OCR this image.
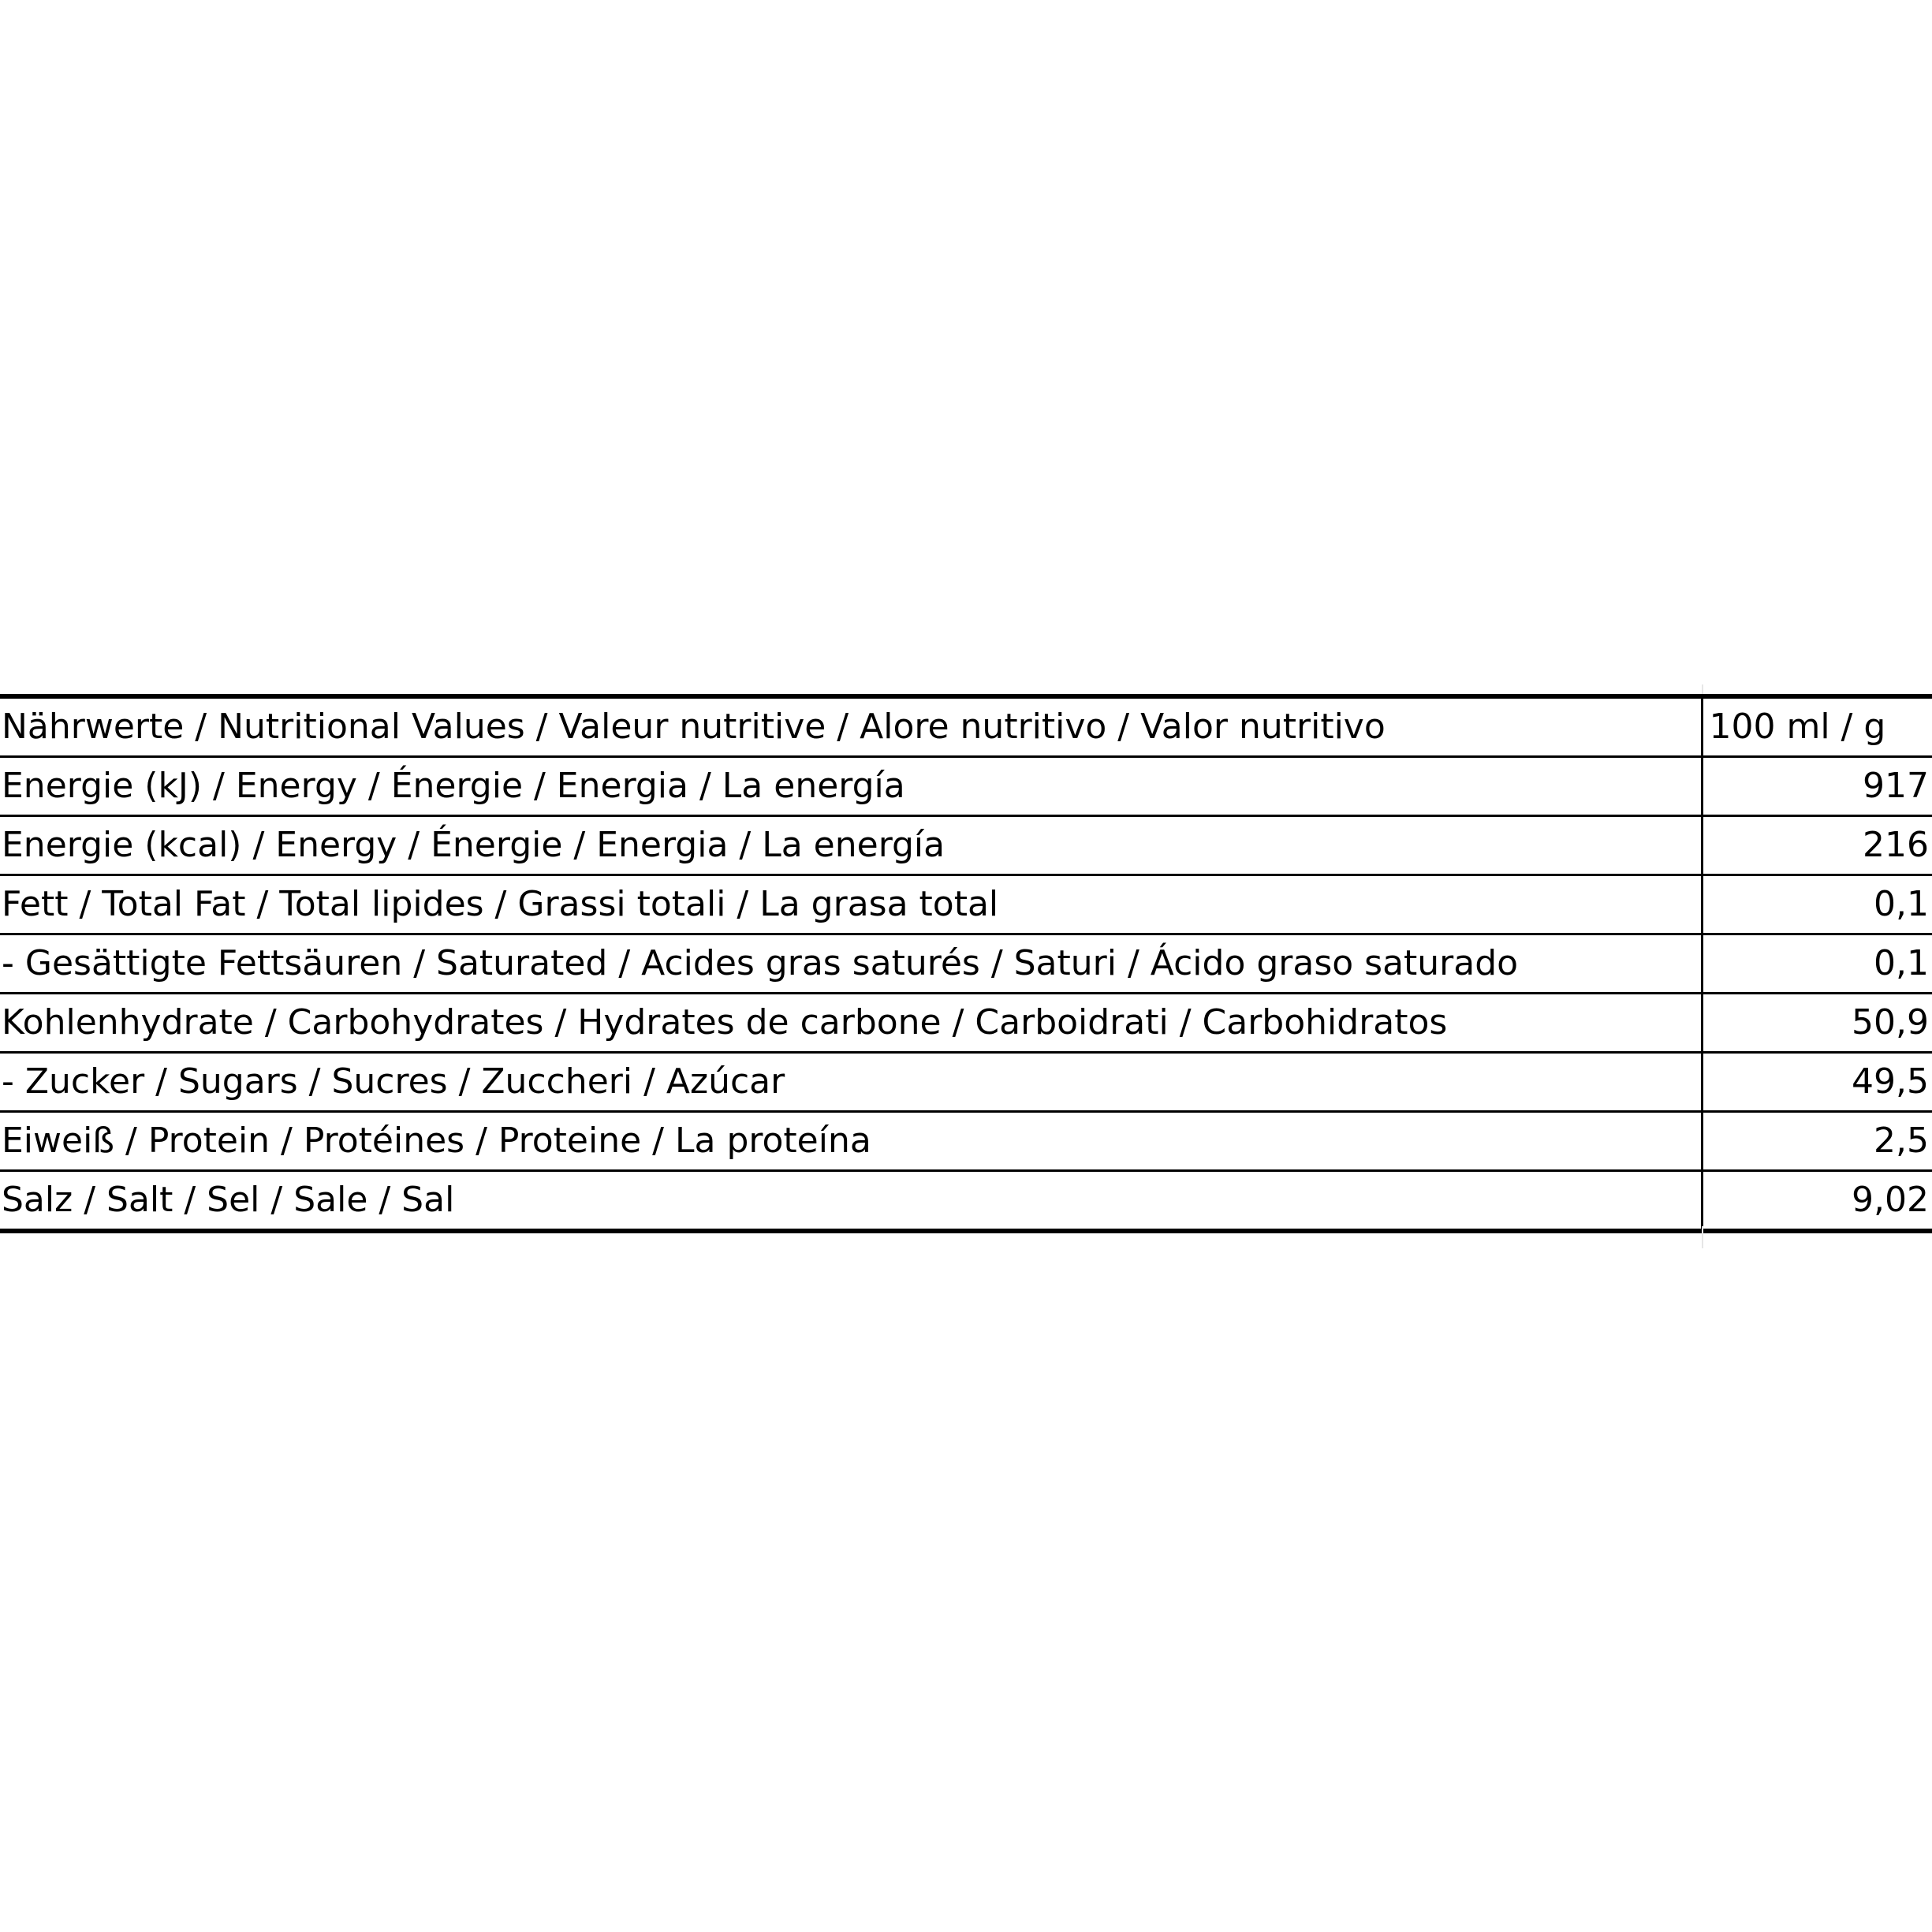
Nährwerte / Nutritional Values / Valeur nutritive / Alore nutritivo / Valor nutritivo	100 ml / g
Energie (kJ) / Energy / Énergie / Energia / La energía	917
Energie (kcal) / Energy / Énergie / Energia / La energía	216
Fett / Total Fat / Total lipides / Grassi totali / La grasa total	0,1
- Gesättigte Fettsäuren / Saturated / Acides gras saturés / Saturi / Ácido graso saturado	0,1
Kohlenhydrate / Carbohydrates / Hydrates de carbone / Carboidrati / Carbohidratos	50,9
- Zucker / Sugars / Sucres / Zuccheri / Azúcar	49,5
Eiweiß / Protein / Protéines / Proteine / La proteína	2,5
Salz / Salt / Sel / Sale / Sal	9,02
